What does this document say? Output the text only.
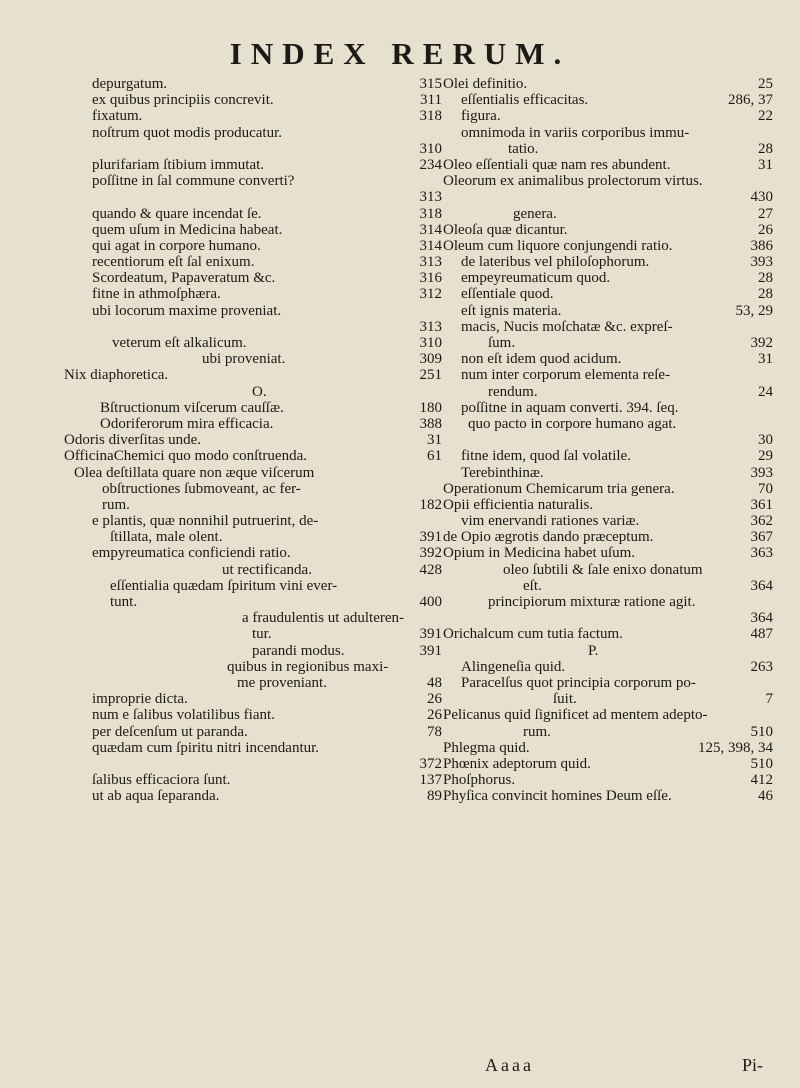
INDEX RERUM.
depurgatum.	315
ex quibus principiis concrevit.	311
fixatum.	318
noſtrum quot modis producatur.
310
plurifariam ſtibium immutat.	234
poſſitne in ſal commune converti?
313
quando & quare incendat ſe.	318
quem uſum in Medicina habeat.	314
qui agat in corpore humano.	314
recentiorum eſt ſal enixum.	313
Scordeatum, Papaveratum &c.	316
fitne in athmoſphæra.	312
ubi locorum maxime proveniat.
313
veterum eſt alkalicum.	310
ubi proveniat.	309
Nix diaphoretica.	251
O.
Bſtructionum viſcerum cauſſæ.	180
Odoriferorum mira efficacia.	388
Odoris diverſitas unde.	31
OfficinaChemici quo modo conſtruenda.	61
Olea deſtillata quare non æque viſcerum
obſtructiones ſubmoveant, ac fer-
rum.	182
e plantis, quæ nonnihil putruerint, de-
ſtillata, male olent.	391
empyreumatica conficiendi ratio.	392
ut rectificanda.	428
eſſentialia quædam ſpiritum vini ever-
tunt.	400
a fraudulentis ut adulteren-
tur.	391
parandi modus.	391
quibus in regionibus maxi-
me proveniant.	48
improprie dicta.	26
num e ſalibus volatilibus fiant.	26
per deſcenſum ut paranda.	78
quædam cum ſpiritu nitri incendantur.
372
ſalibus efficaciora ſunt.	137
ut ab aqua ſeparanda.	89
Olei definitio.	25
eſſentialis efficacitas.	286, 37
figura.	22
omnimoda in variis corporibus immu-
tatio.	28
Oleo eſſentiali quæ nam res abundent.	31
Oleorum ex animalibus prolectorum virtus.
430
genera.	27
Oleoſa quæ dicantur.	26
Oleum cum liquore conjungendi ratio.	386
de lateribus vel philoſophorum.	393
empeyreumaticum quod.	28
eſſentiale quod.	28
eſt ignis materia.	53, 29
macis, Nucis moſchatæ &c. expreſ-
ſum.	392
non eſt idem quod acidum.	31
num inter corporum elementa reſe-
rendum.	24
poſſitne in aquam converti. 394. ſeq.
quo pacto in corpore humano agat.
30
fitne idem, quod ſal volatile.	29
Terebinthinæ.	393
Operationum Chemicarum tria genera.	70
Opii efficientia naturalis.	361
vim enervandi rationes variæ.	362
de Opio ægrotis dando præceptum.	367
Opium in Medicina habet uſum.	363
oleo ſubtili & ſale enixo donatum
eſt.	364
principiorum mixturæ ratione agit.
364
Orichalcum cum tutia factum.	487
P.
Alingeneſia quid.	263
Paracelſus quot principia corporum po-
ſuit.	7
Pelicanus quid ſignificet ad mentem adepto-
rum.	510
Phlegma quid.	125, 398, 34
Phœnix adeptorum quid.	510
Phoſphorus.	412
Phyſica convincit homines Deum eſſe.	46
Aaaa	Pi-
